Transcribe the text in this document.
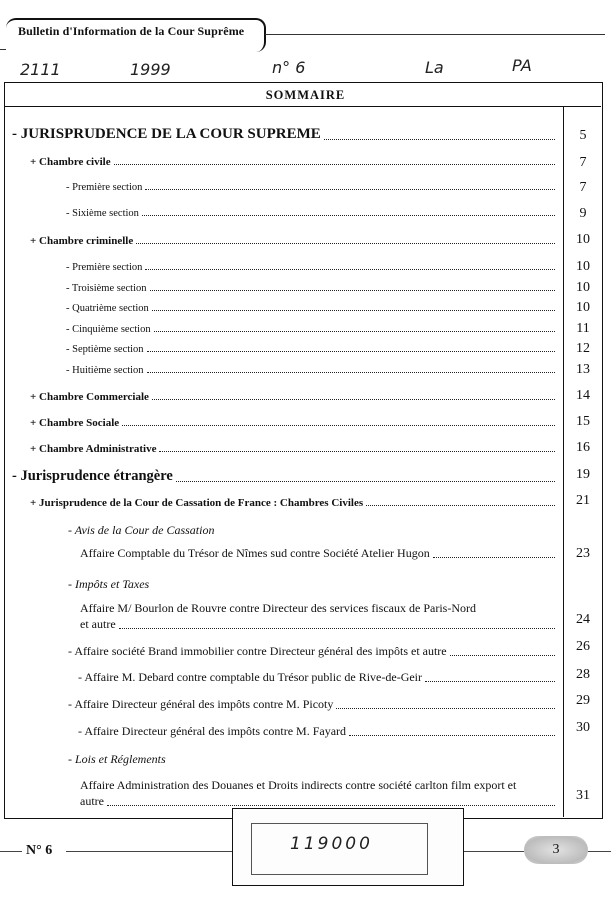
Bulletin d'Information de la Cour Suprême
2111	1999	n° 6	La	PA
SOMMAIRE
- JURISPRUDENCE DE LA COUR SUPREME	5
+ Chambre civile	7
- Première section	7
- Sixième section	9
+ Chambre criminelle	10
- Première section	10
- Troisième section	10
- Quatrième section	10
- Cinquième section	11
- Septième section	12
- Huitième section	13
+ Chambre Commerciale	14
+ Chambre Sociale	15
+ Chambre Administrative	16
- Jurisprudence étrangère	19
+ Jurisprudence de la Cour de Cassation de France : Chambres Civiles	21
- Avis de la Cour de Cassation
Affaire Comptable du Trésor de Nîmes sud contre Société Atelier Hugon	23
- Impôts et Taxes
Affaire M/ Bourlon de Rouvre contre Directeur des services fiscaux de Paris-Nord
et autre	24
- Affaire société Brand immobilier contre Directeur général des impôts et autre	26
- Affaire M. Debard contre comptable du Trésor public de Rive-de-Geir	28
- Affaire Directeur général des impôts contre M. Picoty	29
- Affaire Directeur général des impôts contre M. Fayard	30
- Lois et Réglements
Affaire Administration des Douanes et Droits indirects contre société carlton film export et
autre	31
N° 6	119000	3
